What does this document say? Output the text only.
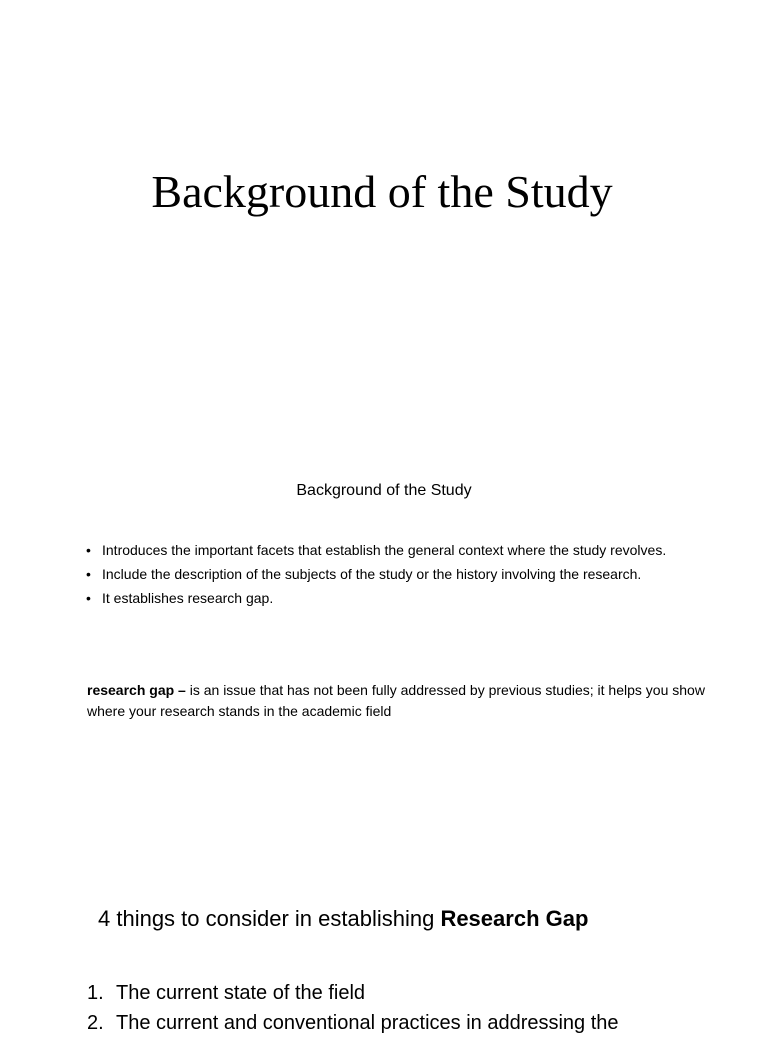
Background of the Study
Background of the Study
• Introduces the important facets that establish the general context where the study revolves.
• Include the description of the subjects of the study or the history involving the research.
• It establishes research gap.

research gap – is an issue that has not been fully addressed by previous studies; it helps you show where your research stands in the academic field

4 things to consider in establishing Research Gap
1. The current state of the field
2. The current and conventional practices in addressing the
